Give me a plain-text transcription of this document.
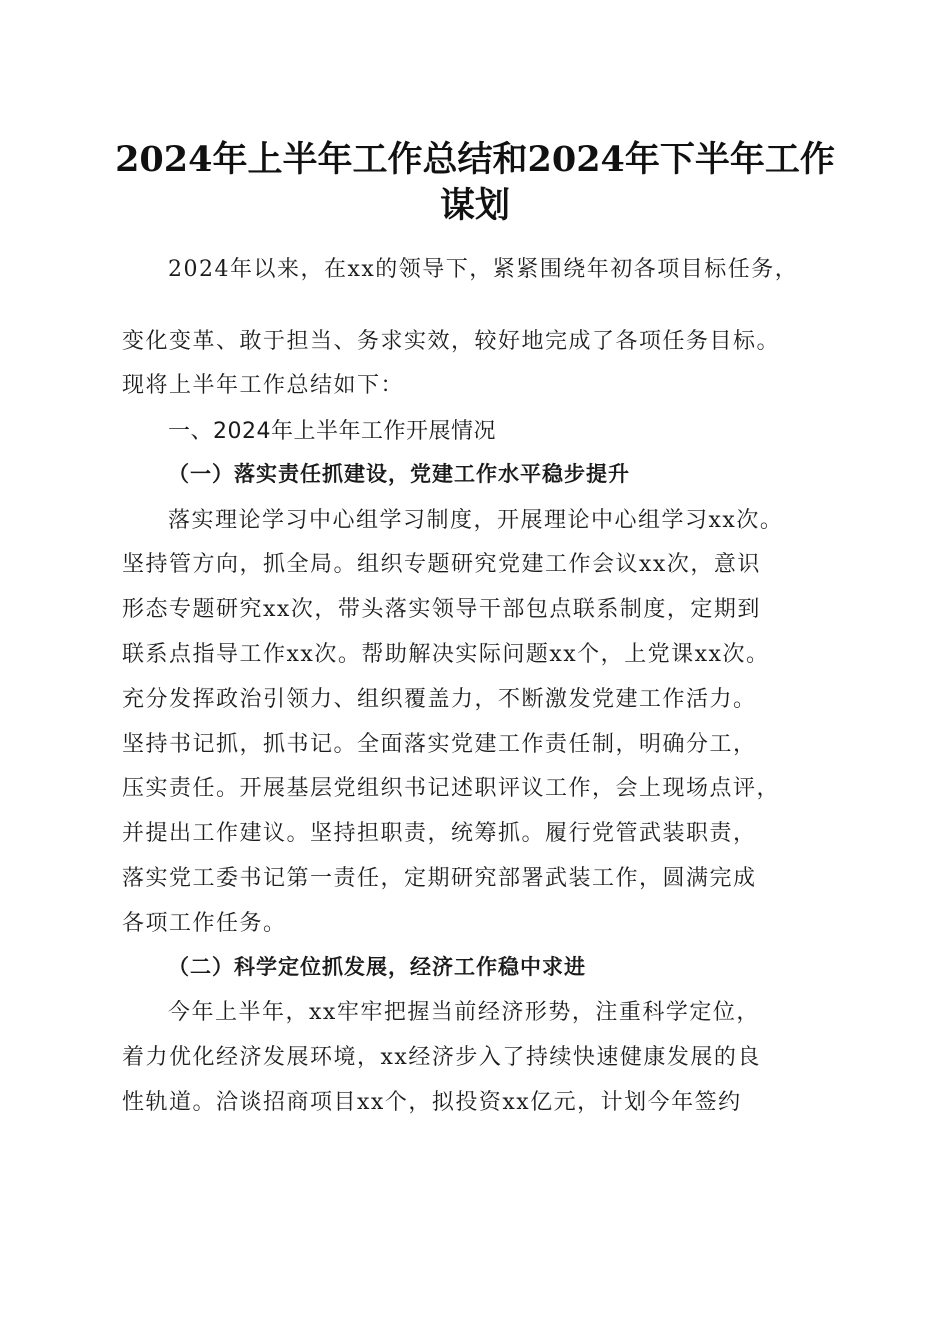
2024年上半年工作总结和2024年下半年工作
谋划
2024年以来，在xx的领导下，紧紧围绕年初各项目标任务，
变化变革、敢于担当、务求实效，较好地完成了各项任务目标。
现将上半年工作总结如下：
一、2024年上半年工作开展情况
（一）落实责任抓建设，党建工作水平稳步提升
落实理论学习中心组学习制度，开展理论中心组学习xx次。
坚持管方向，抓全局。组织专题研究党建工作会议xx次，意识
形态专题研究xx次，带头落实领导干部包点联系制度，定期到
联系点指导工作xx次。帮助解决实际问题xx个，上党课xx次。
充分发挥政治引领力、组织覆盖力，不断激发党建工作活力。
坚持书记抓，抓书记。全面落实党建工作责任制，明确分工，
压实责任。开展基层党组织书记述职评议工作，会上现场点评，
并提出工作建议。坚持担职责，统筹抓。履行党管武装职责，
落实党工委书记第一责任，定期研究部署武装工作，圆满完成
各项工作任务。
（二）科学定位抓发展，经济工作稳中求进
今年上半年，xx牢牢把握当前经济形势，注重科学定位，
着力优化经济发展环境，xx经济步入了持续快速健康发展的良
性轨道。洽谈招商项目xx个，拟投资xx亿元，计划今年签约
